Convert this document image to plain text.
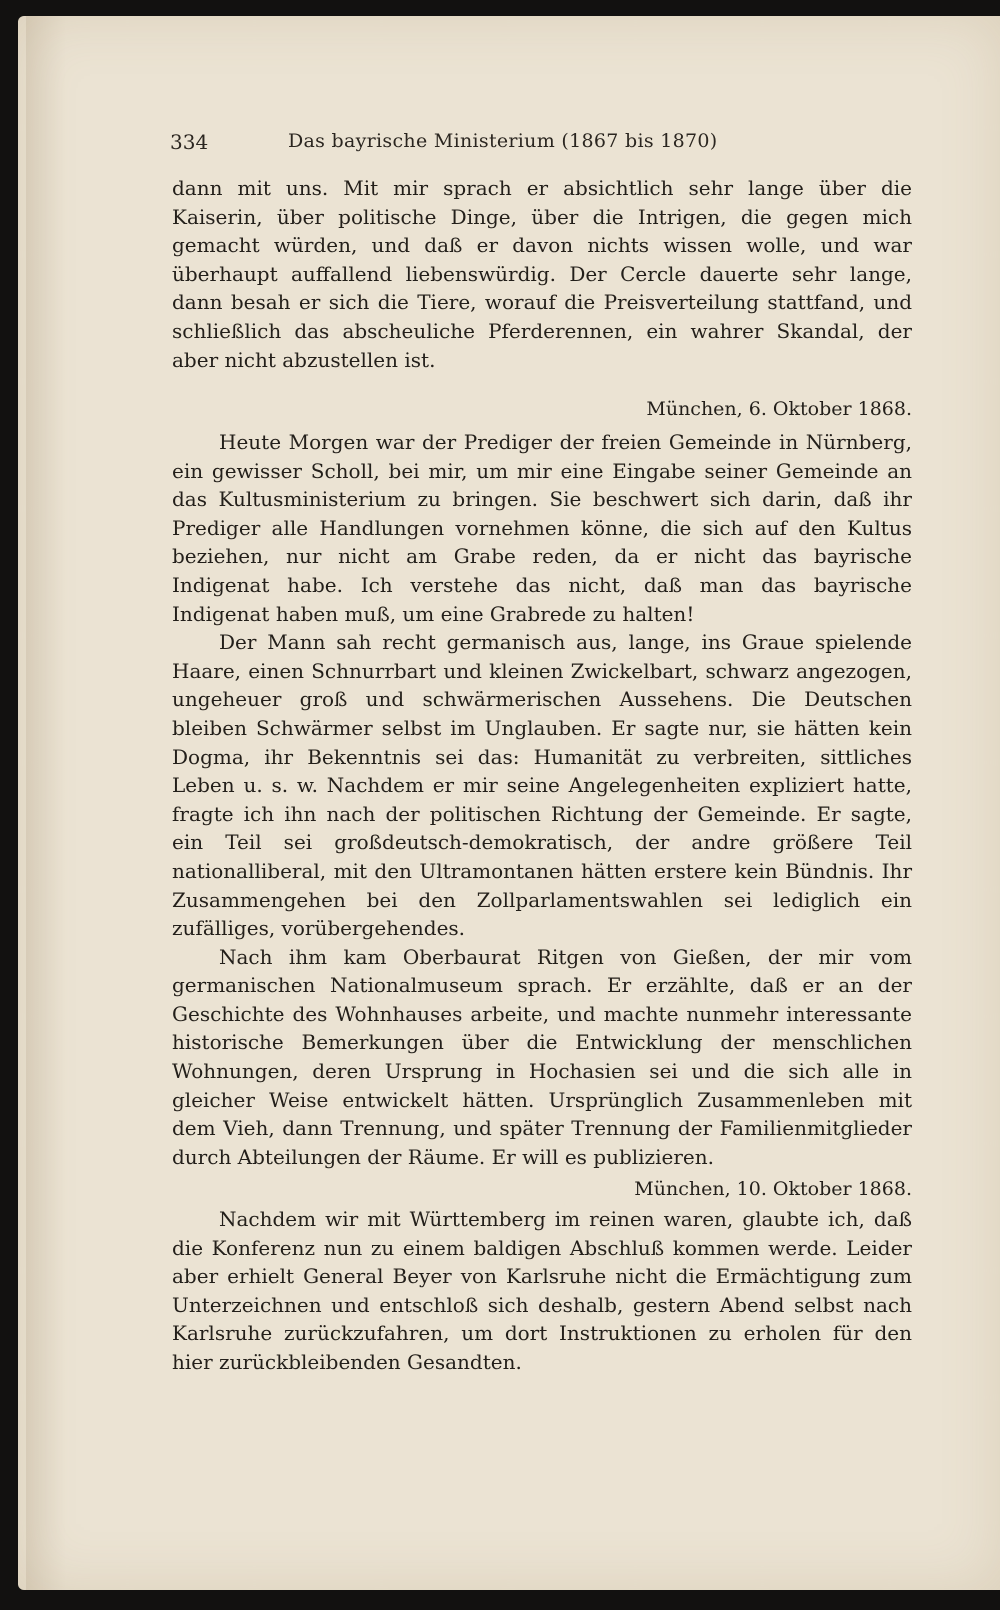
334	Das bayrische Ministerium (1867 bis 1870)

dann mit uns. Mit mir sprach er absichtlich sehr lange über die Kaiserin, über politische Dinge, über die Intrigen, die gegen mich gemacht würden, und daß er davon nichts wissen wolle, und war überhaupt auffallend liebenswürdig. Der Cercle dauerte sehr lange, dann besah er sich die Tiere, worauf die Preisverteilung stattfand, und schließlich das abscheuliche Pferderennen, ein wahrer Skandal, der aber nicht abzustellen ist.

München, 6. Oktober 1868.

Heute Morgen war der Prediger der freien Gemeinde in Nürnberg, ein gewisser Scholl, bei mir, um mir eine Eingabe seiner Gemeinde an das Kultusministerium zu bringen. Sie beschwert sich darin, daß ihr Prediger alle Handlungen vornehmen könne, die sich auf den Kultus beziehen, nur nicht am Grabe reden, da er nicht das bayrische Indigenat habe. Ich verstehe das nicht, daß man das bayrische Indigenat haben muß, um eine Grabrede zu halten!

Der Mann sah recht germanisch aus, lange, ins Graue spielende Haare, einen Schnurrbart und kleinen Zwickelbart, schwarz angezogen, ungeheuer groß und schwärmerischen Aussehens. Die Deutschen bleiben Schwärmer selbst im Unglauben. Er sagte nur, sie hätten kein Dogma, ihr Bekenntnis sei das: Humanität zu verbreiten, sittliches Leben u. s. w. Nachdem er mir seine Angelegenheiten expliziert hatte, fragte ich ihn nach der politischen Richtung der Gemeinde. Er sagte, ein Teil sei großdeutsch-demokratisch, der andre größere Teil nationalliberal, mit den Ultramontanen hätten erstere kein Bündnis. Ihr Zusammengehen bei den Zollparlamentswahlen sei lediglich ein zufälliges, vorübergehendes.

Nach ihm kam Oberbaurat Ritgen von Gießen, der mir vom germanischen Nationalmuseum sprach. Er erzählte, daß er an der Geschichte des Wohnhauses arbeite, und machte nunmehr interessante historische Bemerkungen über die Entwicklung der menschlichen Wohnungen, deren Ursprung in Hochasien sei und die sich alle in gleicher Weise entwickelt hätten. Ursprünglich Zusammenleben mit dem Vieh, dann Trennung, und später Trennung der Familienmitglieder durch Abteilungen der Räume. Er will es publizieren.

München, 10. Oktober 1868.

Nachdem wir mit Württemberg im reinen waren, glaubte ich, daß die Konferenz nun zu einem baldigen Abschluß kommen werde. Leider aber erhielt General Beyer von Karlsruhe nicht die Ermächtigung zum Unterzeichnen und entschloß sich deshalb, gestern Abend selbst nach Karlsruhe zurückzufahren, um dort Instruktionen zu erholen für den hier zurückbleibenden Gesandten.
